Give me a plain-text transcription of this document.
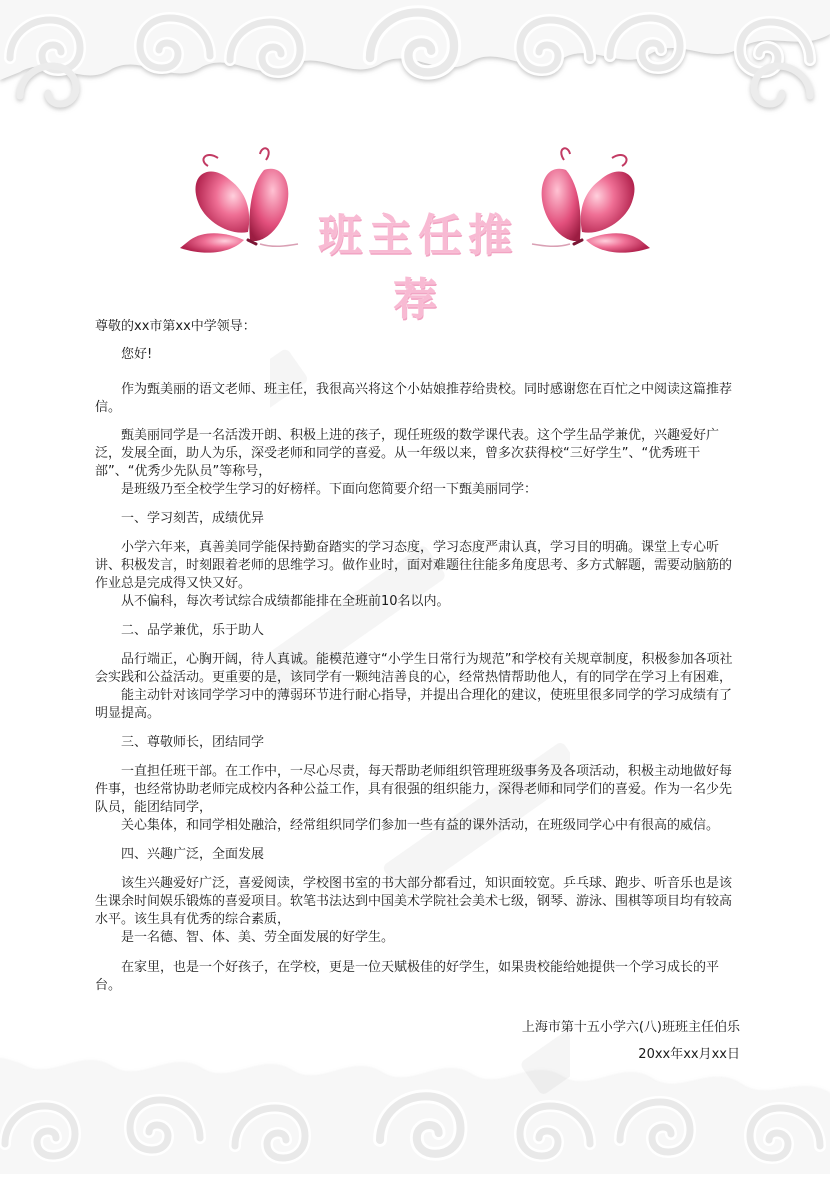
班主任推荐

尊敬的xx市第xx中学领导：

您好!

作为甄美丽的语文老师、班主任，我很高兴将这个小姑娘推荐给贵校。同时感谢您在百忙之中阅读这篇推荐信。

甄美丽同学是一名活泼开朗、积极上进的孩子，现任班级的数学课代表。这个学生品学兼优，兴趣爱好广泛，发展全面，助人为乐，深受老师和同学的喜爱。从一年级以来，曾多次获得校“三好学生”、“优秀班干部”、“优秀少先队员”等称号，

是班级乃至全校学生学习的好榜样。下面向您简要介绍一下甄美丽同学：

一、学习刻苦，成绩优异

小学六年来，真善美同学能保持勤奋踏实的学习态度，学习态度严肃认真，学习目的明确。课堂上专心听讲、积极发言，时刻跟着老师的思维学习。做作业时，面对难题往往能多角度思考、多方式解题，需要动脑筋的作业总是完成得又快又好。

从不偏科，每次考试综合成绩都能排在全班前10名以内。

二、品学兼优，乐于助人

品行端正，心胸开阔，待人真诚。能模范遵守“小学生日常行为规范”和学校有关规章制度，积极参加各项社会实践和公益活动。更重要的是，该同学有一颗纯洁善良的心，经常热情帮助他人，有的同学在学习上有困难，

能主动针对该同学学习中的薄弱环节进行耐心指导，并提出合理化的建议，使班里很多同学的学习成绩有了明显提高。

三、尊敬师长，团结同学

一直担任班干部。在工作中，一尽心尽责，每天帮助老师组织管理班级事务及各项活动，积极主动地做好每件事，也经常协助老师完成校内各种公益工作，具有很强的组织能力，深得老师和同学们的喜爱。作为一名少先队员，能团结同学，

关心集体，和同学相处融洽，经常组织同学们参加一些有益的课外活动，在班级同学心中有很高的威信。

四、兴趣广泛，全面发展

该生兴趣爱好广泛，喜爱阅读，学校图书室的书大部分都看过，知识面较宽。乒乓球、跑步、听音乐也是该生课余时间娱乐锻炼的喜爱项目。软笔书法达到中国美术学院社会美术七级，钢琴、游泳、围棋等项目均有较高水平。该生具有优秀的综合素质，

是一名德、智、体、美、劳全面发展的好学生。

在家里，也是一个好孩子，在学校，更是一位天赋极佳的好学生，如果贵校能给她提供一个学习成长的平台。

上海市第十五小学六(八)班班主任伯乐

20xx年xx月xx日
